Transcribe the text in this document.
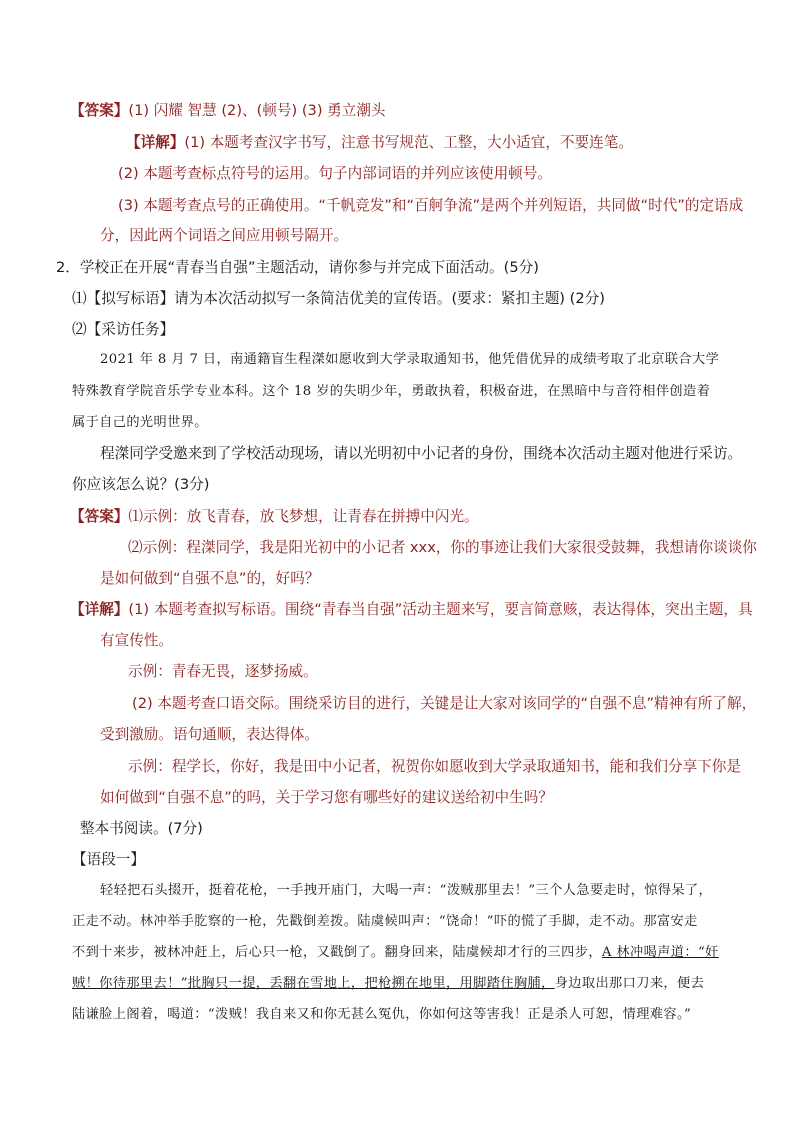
【答案】(1) 闪耀 智慧 (2)、(顿号) (3) 勇立潮头
【详解】(1) 本题考查汉字书写，注意书写规范、工整，大小适宜，不要连笔。
(2) 本题考查标点符号的运用。句子内部词语的并列应该使用顿号。
(3) 本题考查点号的正确使用。“千帆竞发”和“百舸争流”是两个并列短语，共同做“时代”的定语成
分，因此两个词语之间应用顿号隔开。
2．学校正在开展“青春当自强”主题活动，请你参与并完成下面活动。(5分)
⑴【拟写标语】请为本次活动拟写一条简洁优美的宣传语。(要求：紧扣主题) (2分)
⑵【采访任务】
2021 年 8 月 7 日，南通籍盲生程滐如愿收到大学录取通知书，他凭借优异的成绩考取了北京联合大学
特殊教育学院音乐学专业本科。这个 18 岁的失明少年，勇敢执着，积极奋进，在黑暗中与音符相伴创造着
属于自己的光明世界。
程滐同学受邀来到了学校活动现场，请以光明初中小记者的身份，围绕本次活动主题对他进行采访。
你应该怎么说？(3分)
【答案】⑴示例：放飞青春，放飞梦想，让青春在拼搏中闪光。
⑵示例：程滐同学，我是阳光初中的小记者 xxx，你的事迹让我们大家很受鼓舞，我想请你谈谈你
是如何做到“自强不息”的，好吗？
【详解】(1) 本题考查拟写标语。围绕“青春当自强”活动主题来写，要言简意赅，表达得体，突出主题，具
有宣传性。
示例：青春无畏，逐梦扬威。
(2) 本题考查口语交际。围绕采访目的进行，关键是让大家对该同学的“自强不息”精神有所了解，
受到激励。语句通顺，表达得体。
示例：程学长，你好，我是田中小记者，祝贺你如愿收到大学录取通知书，能和我们分享下你是
如何做到“自强不息”的吗，关于学习您有哪些好的建议送给初中生吗？
整本书阅读。(7分)
【语段一】
轻轻把石头掇开，挺着花枪，一手拽开庙门，大喝一声：“泼贼那里去！”三个人急要走时，惊得呆了，
正走不动。林冲举手肐察的一枪，先戳倒差拨。陆虞候叫声：“饶命！”吓的慌了手脚，走不动。那富安走
不到十来步，被林冲赶上，后心只一枪，又戳倒了。翻身回来，陆虞候却才行的三四步，A 林冲喝声道：“奸
贼！你待那里去！”批胸只一提，丢翻在雪地上，把枪搠在地里，用脚踏住胸脯，身边取出那口刀来，便去
陆谦脸上阁着，喝道：“泼贼！我自来又和你无甚么冤仇，你如何这等害我！正是杀人可恕，情理难容。”
